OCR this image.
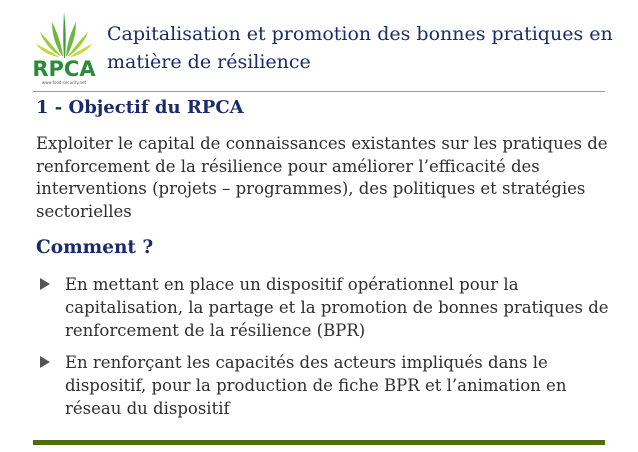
RPCA
www.food-security.net
Capitalisation et promotion des bonnes pratiques en matière de résilience
1 - Objectif du RPCA
Exploiter le capital de connaissances existantes sur les pratiques de renforcement de la résilience pour améliorer l’efficacité des interventions (projets – programmes), des politiques et stratégies sectorielles
Comment ?
En mettant en place un dispositif opérationnel pour la capitalisation, la partage et la promotion de bonnes pratiques de renforcement de la résilience (BPR)
En renforçant les capacités des acteurs impliqués dans le dispositif, pour la production de fiche BPR et l’animation en réseau du dispositif
